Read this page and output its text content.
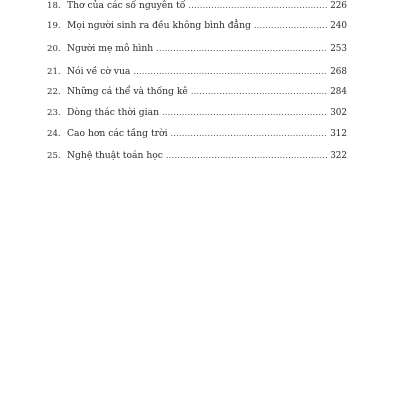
18. Thơ của các số nguyên tố .....	226
19. Mọi người sinh ra đều không bình đẳng .....	240
20. Người mẹ mô hình .....	253
21. Nói về cờ vua .....	268
22. Những cá thể và thống kê .....	284
23. Dòng thác thời gian .....	302
24. Cao hơn các tầng trời .....	312
25. Nghệ thuật toán học .....	322
